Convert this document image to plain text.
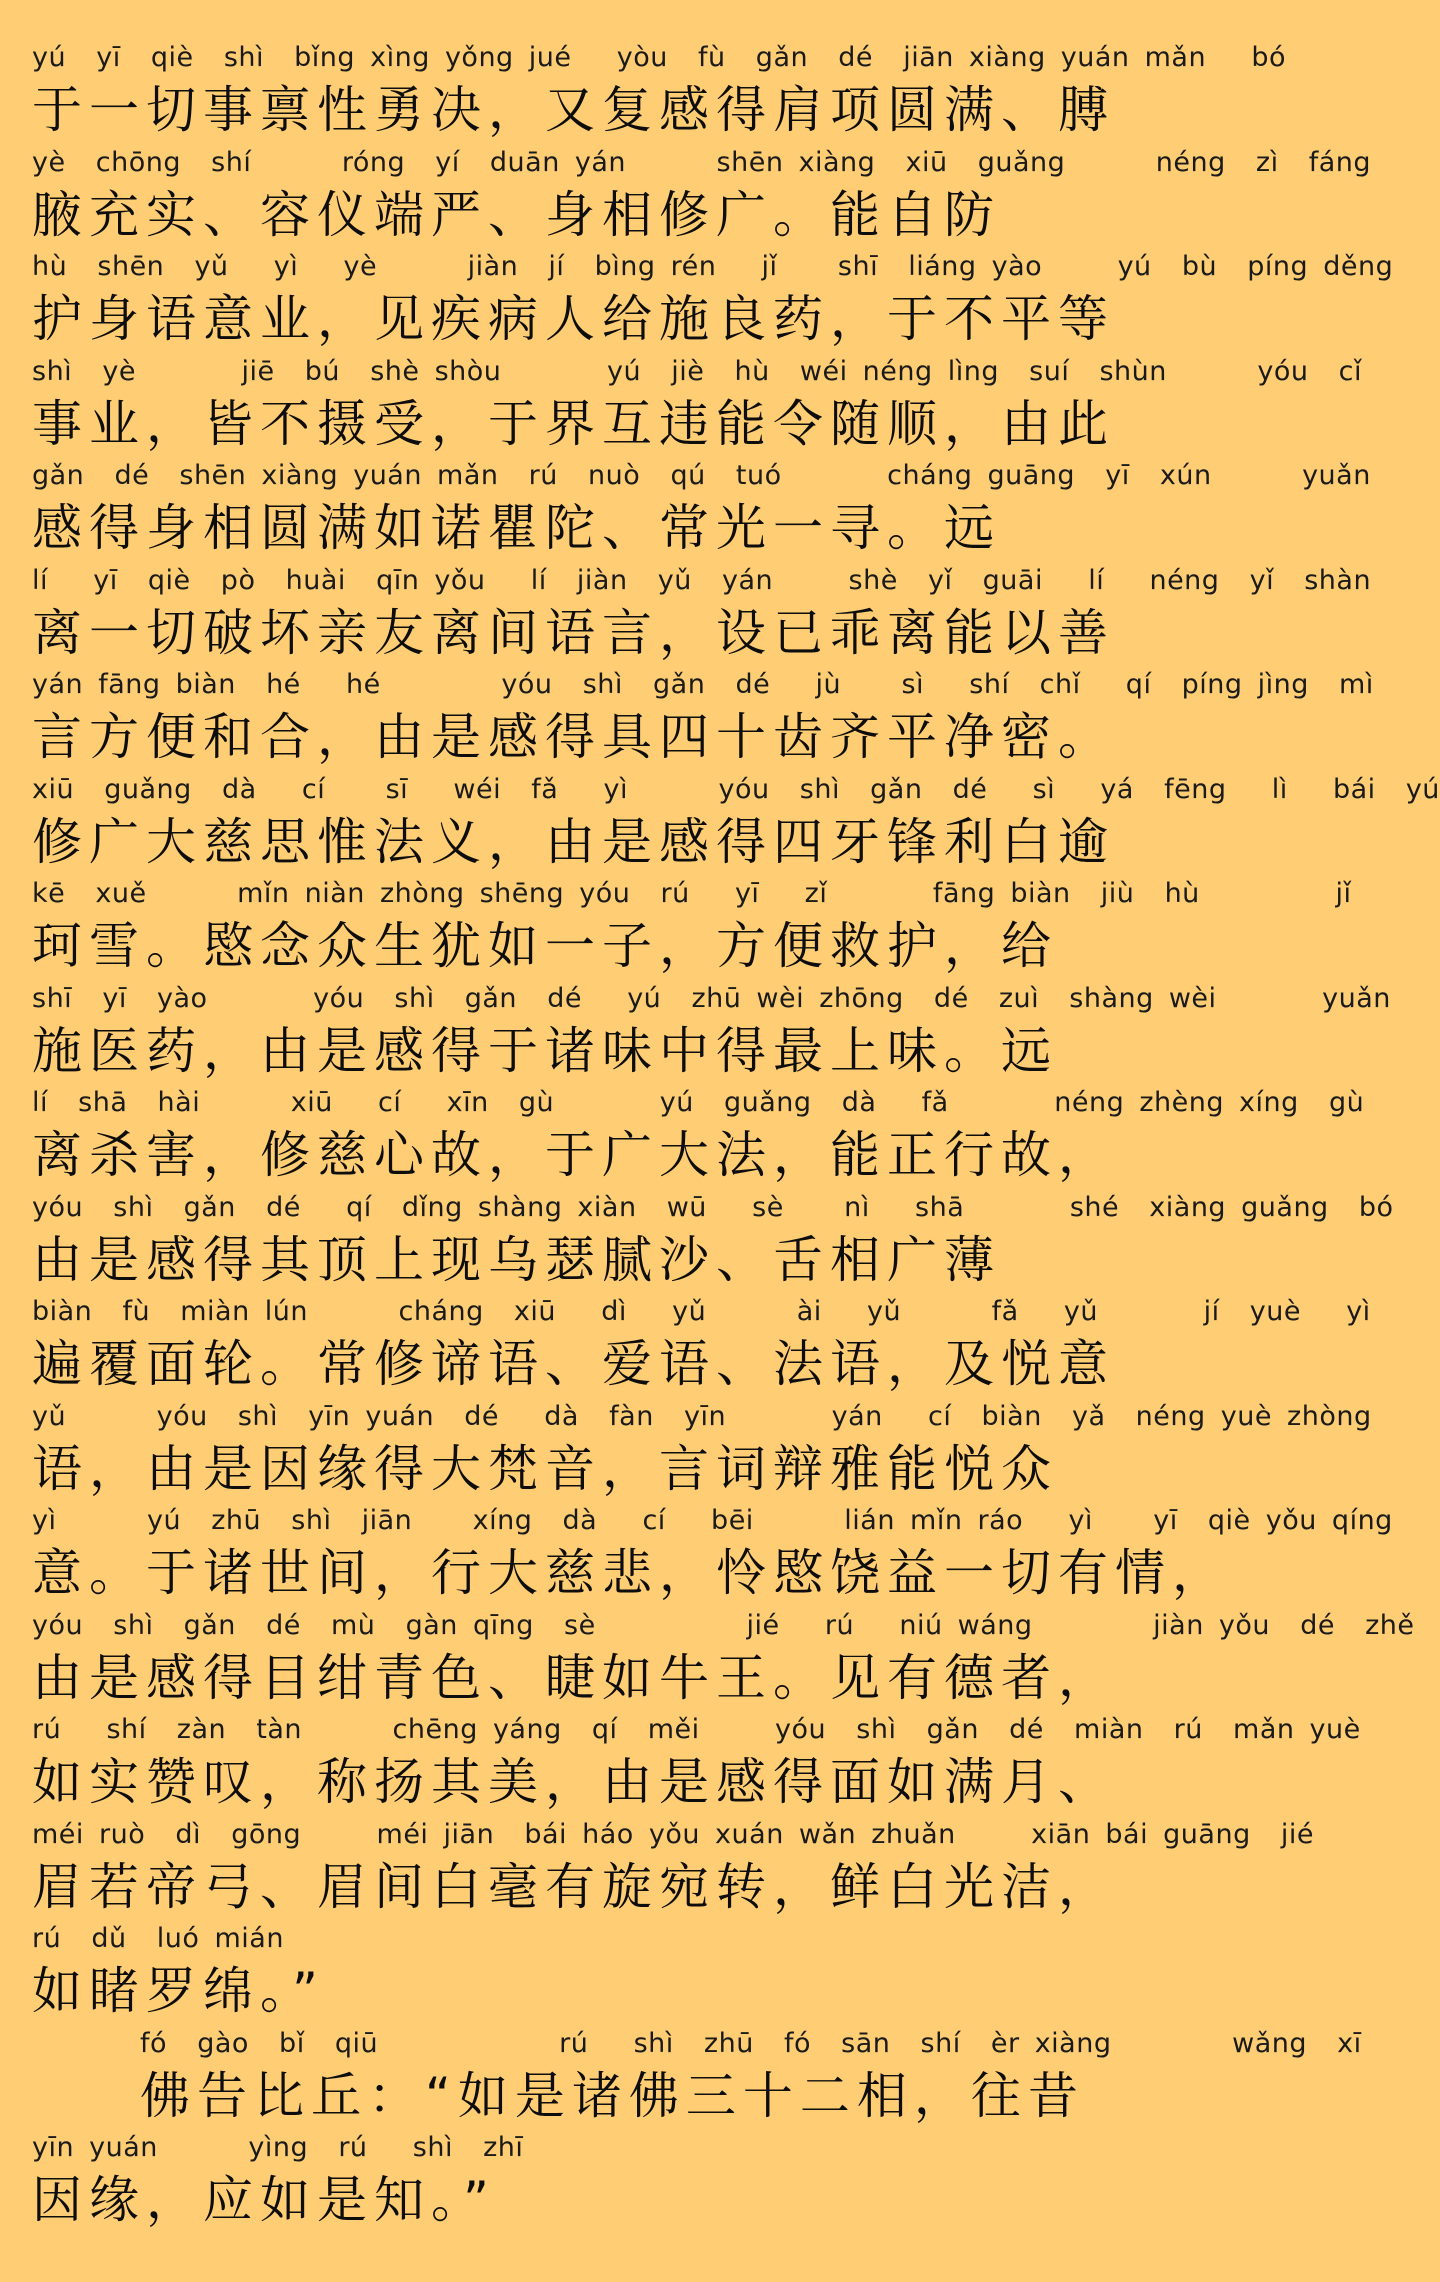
yú  yī  qiè  shì  bǐng xìng yǒng jué   yòu  fù  gǎn  dé  jiān xiàng yuán mǎn   bó
于一切事禀性勇决，又复感得肩项圆满、膊
yè  chōng  shí      róng  yí  duān yán      shēn xiàng  xiū  guǎng      néng  zì  fáng
腋充实、容仪端严、身相修广。能自防
hù  shēn  yǔ   yì   yè      jiàn  jí  bìng rén   jǐ    shī  liáng yào     yú  bù  píng děng
护身语意业，见疾病人给施良药，于不平等
shì  yè       jiē  bú  shè shòu       yú  jiè  hù  wéi néng lìng  suí  shùn      yóu  cǐ
事业，皆不摄受，于界互违能令随顺，由此
gǎn  dé  shēn xiàng yuán mǎn  rú  nuò  qú  tuó       cháng guāng  yī  xún      yuǎn
感得身相圆满如诺瞿陀、常光一寻。远
lí   yī  qiè  pò  huài  qīn yǒu   lí  jiàn  yǔ  yán     shè  yǐ  guāi   lí   néng  yǐ  shàn
离一切破坏亲友离间语言，设已乖离能以善
yán fāng biàn  hé   hé        yóu  shì  gǎn  dé   jù    sì   shí  chǐ   qí  píng jìng  mì
言方便和合，由是感得具四十齿齐平净密。
xiū  guǎng  dà   cí    sī   wéi  fǎ   yì      yóu  shì  gǎn  dé   sì   yá  fēng   lì   bái  yú
修广大慈思惟法义，由是感得四牙锋利白逾
kē  xuě      mǐn niàn zhòng shēng yóu  rú   yī   zǐ       fāng biàn  jiù  hù         jǐ
珂雪。愍念众生犹如一子，方便救护，给
shī  yī  yào       yóu  shì  gǎn  dé   yú  zhū wèi zhōng  dé  zuì  shàng wèi       yuǎn
施医药，由是感得于诸味中得最上味。远
lí  shā  hài      xiū   cí   xīn  gù       yú  guǎng  dà   fǎ       néng zhèng xíng  gù
离杀害，修慈心故，于广大法，能正行故，
yóu  shì  gǎn  dé   qí  dǐng shàng xiàn  wū   sè    nì   shā       shé  xiàng guǎng  bó
由是感得其顶上现乌瑟腻沙、舌相广薄
biàn  fù  miàn lún      cháng  xiū   dì   yǔ      ài   yǔ      fǎ   yǔ       jí  yuè   yì
遍覆面轮。常修谛语、爱语、法语，及悦意
yǔ      yóu  shì  yīn yuán  dé   dà  fàn  yīn       yán   cí  biàn  yǎ  néng yuè zhòng
语，由是因缘得大梵音，言词辩雅能悦众
yì      yú  zhū  shì  jiān    xíng  dà   cí   bēi      lián mǐn ráo   yì    yī  qiè yǒu qíng
意。于诸世间，行大慈悲，怜愍饶益一切有情，
yóu  shì  gǎn  dé  mù  gàn qīng  sè          jié   rú   niú wáng        jiàn yǒu  dé  zhě
由是感得目绀青色、睫如牛王。见有德者，
rú   shí  zàn  tàn      chēng yáng  qí  měi     yóu  shì  gǎn  dé  miàn  rú  mǎn yuè
如实赞叹，称扬其美，由是感得面如满月、
méi ruò  dì  gōng     méi jiān  bái háo yǒu xuán wǎn zhuǎn     xiān bái guāng  jié
眉若帝弓、眉间白毫有旋宛转，鲜白光洁，
rú  dǔ  luó mián
如睹罗绵。”
fó  gào  bǐ  qiū            rú   shì  zhū  fó  sān  shí  èr xiàng        wǎng  xī
佛告比丘：“如是诸佛三十二相，往昔
yīn yuán      yìng  rú   shì  zhī
因缘，应如是知。”
